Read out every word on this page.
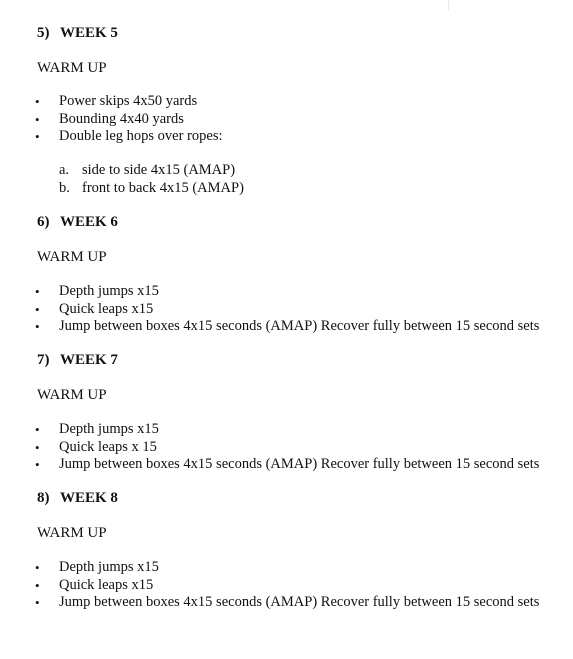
5) WEEK 5
WARM UP
•	Power skips 4x50 yards
•	Bounding 4x40 yards
•	Double leg hops over ropes:
a. side to side 4x15 (AMAP)
b. front to back 4x15 (AMAP)
6) WEEK 6
WARM UP
•	Depth jumps x15
•	Quick leaps x15
•	Jump between boxes 4x15 seconds (AMAP) Recover fully between 15 second sets
7) WEEK 7
WARM UP
•	Depth jumps x15
•	Quick leaps x 15
•	Jump between boxes 4x15 seconds (AMAP) Recover fully between 15 second sets
8) WEEK 8
WARM UP
•	Depth jumps x15
•	Quick leaps x15
•	Jump between boxes 4x15 seconds (AMAP) Recover fully between 15 second sets
